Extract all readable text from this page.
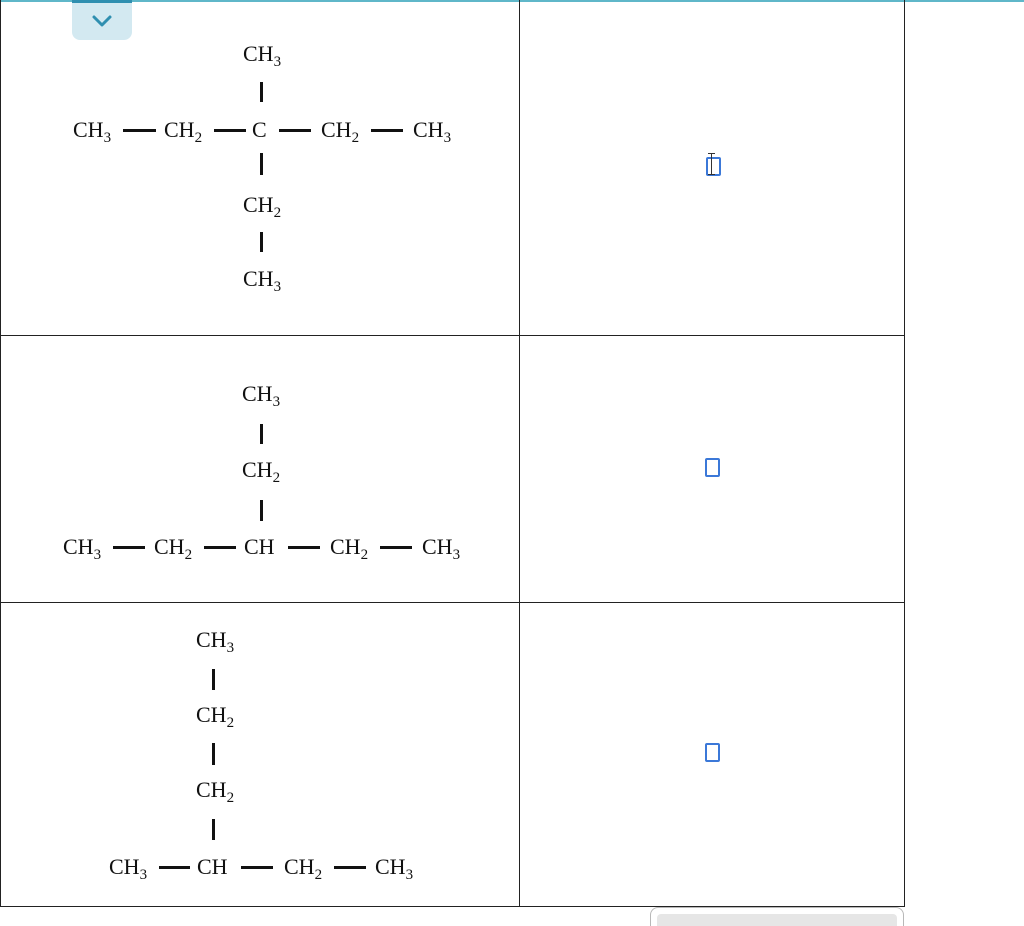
$CH_3$
$CH_3$ $CH_2$ C $CH_2$ $CH_3$
$CH_2$
$CH_3$
$CH_3$
$CH_2$
$CH_3$ $CH_2$ CH	$CH_2$ $CH_3$
$CH_3$
$CH_2$
$CH_2$
$CH_3$ CH	$CH_2$ $CH_3$
